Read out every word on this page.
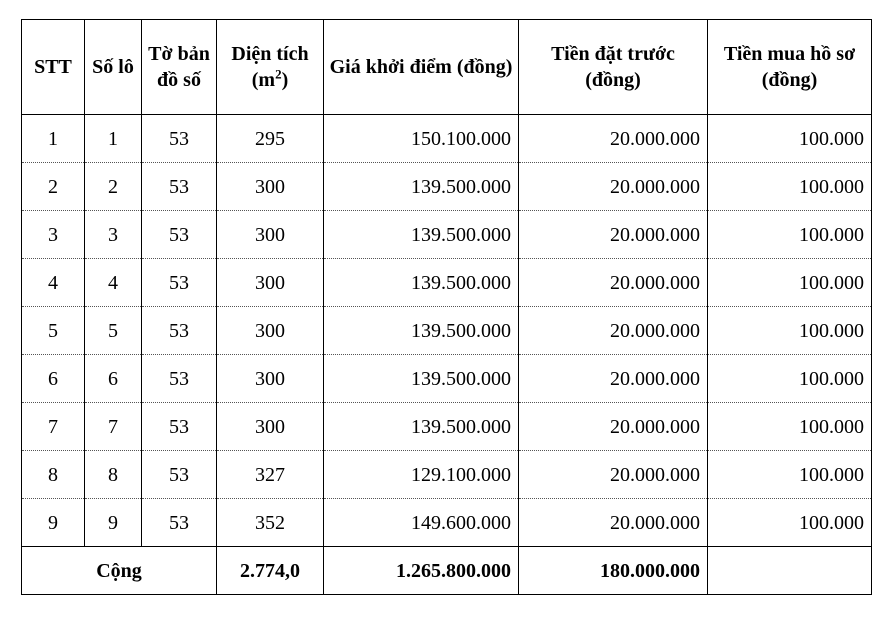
STT	Số lô	Tờ bản đồ số	Diện tích $(m^2)$	Giá khởi điểm (đồng)	Tiền đặt trước (đồng)	Tiền mua hồ sơ (đồng)
1	1	53	295	150.100.000	20.000.000	100.000
2	2	53	300	139.500.000	20.000.000	100.000
3	3	53	300	139.500.000	20.000.000	100.000
4	4	53	300	139.500.000	20.000.000	100.000
5	5	53	300	139.500.000	20.000.000	100.000
6	6	53	300	139.500.000	20.000.000	100.000
7	7	53	300	139.500.000	20.000.000	100.000
8	8	53	327	129.100.000	20.000.000	100.000
9	9	53	352	149.600.000	20.000.000	100.000
Cộng			2.774,0	1.265.800.000	180.000.000	
